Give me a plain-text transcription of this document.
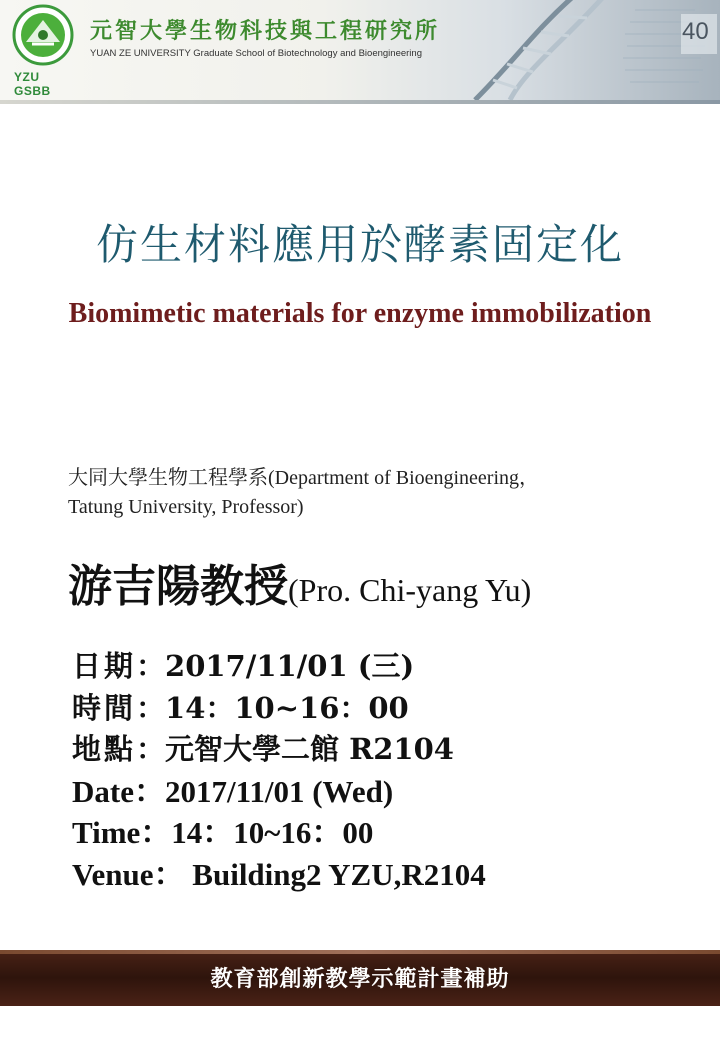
YZU GSBB
元智大學生物科技與工程研究所
YUAN ZE UNIVERSITY Graduate School of Biotechnology and Bioengineering
40
仿生材料應用於酵素固定化
Biomimetic materials for enzyme immobilization
大同大學生物工程學系(Department of Bioengineering，
Tatung University, Professor)
游吉陽教授(Pro. Chi-yang Yu)
日期：2017/11/01 (三)
時間：14：10~16：00
地點：元智大學二館 R2104
Date：2017/11/01 (Wed)
Time：14：10~16：00
Venue： Building2 YZU,R2104
教育部創新教學示範計畫補助
